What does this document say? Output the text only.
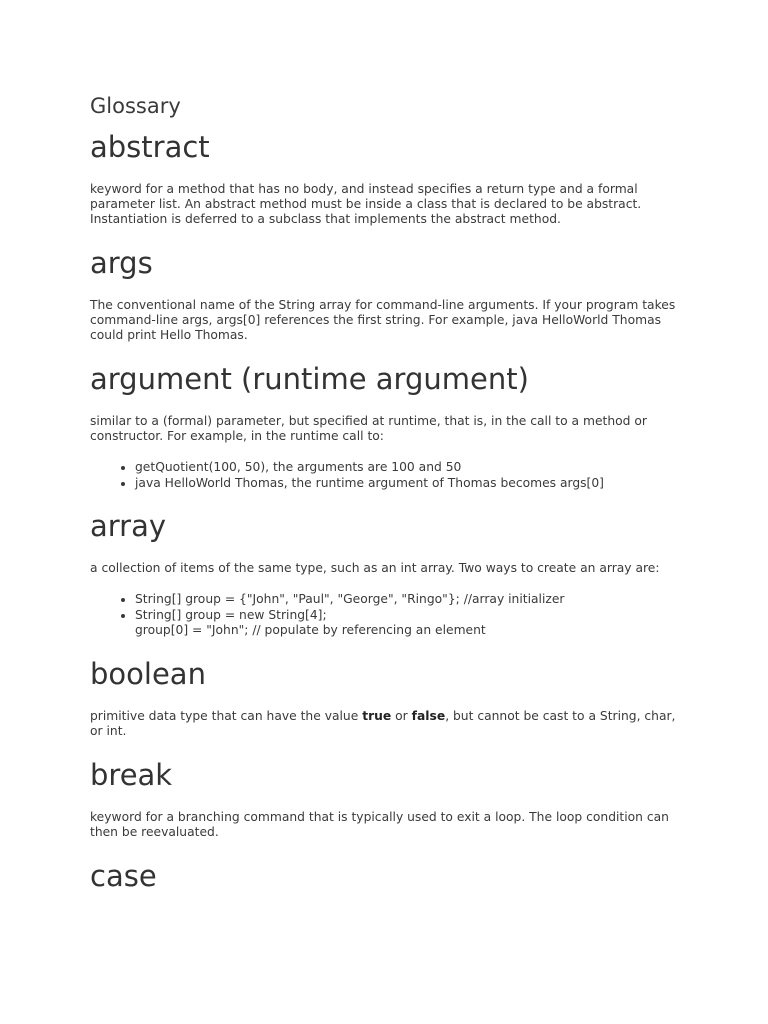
Glossary
abstract

keyword for a method that has no body, and instead specifies a return type and a formal parameter list. An abstract method must be inside a class that is declared to be abstract. Instantiation is deferred to a subclass that implements the abstract method.

args

The conventional name of the String array for command-line arguments. If your program takes command-line args, args[0] references the first string. For example, java HelloWorld Thomas could print Hello Thomas.

argument (runtime argument)

similar to a (formal) parameter, but specified at runtime, that is, in the call to a method or constructor. For example, in the runtime call to:

• getQuotient(100, 50), the arguments are 100 and 50
• java HelloWorld Thomas, the runtime argument of Thomas becomes args[0]
array

a collection of items of the same type, such as an int array. Two ways to create an array are:

• String[] group = {"John", "Paul", "George", "Ringo"}; //array initializer
• String[] group = new String[4];
group[0] = "John"; // populate by referencing an element
boolean

primitive data type that can have the value true or false, but cannot be cast to a String, char, or int.

break

keyword for a branching command that is typically used to exit a loop. The loop condition can then be reevaluated.

case
